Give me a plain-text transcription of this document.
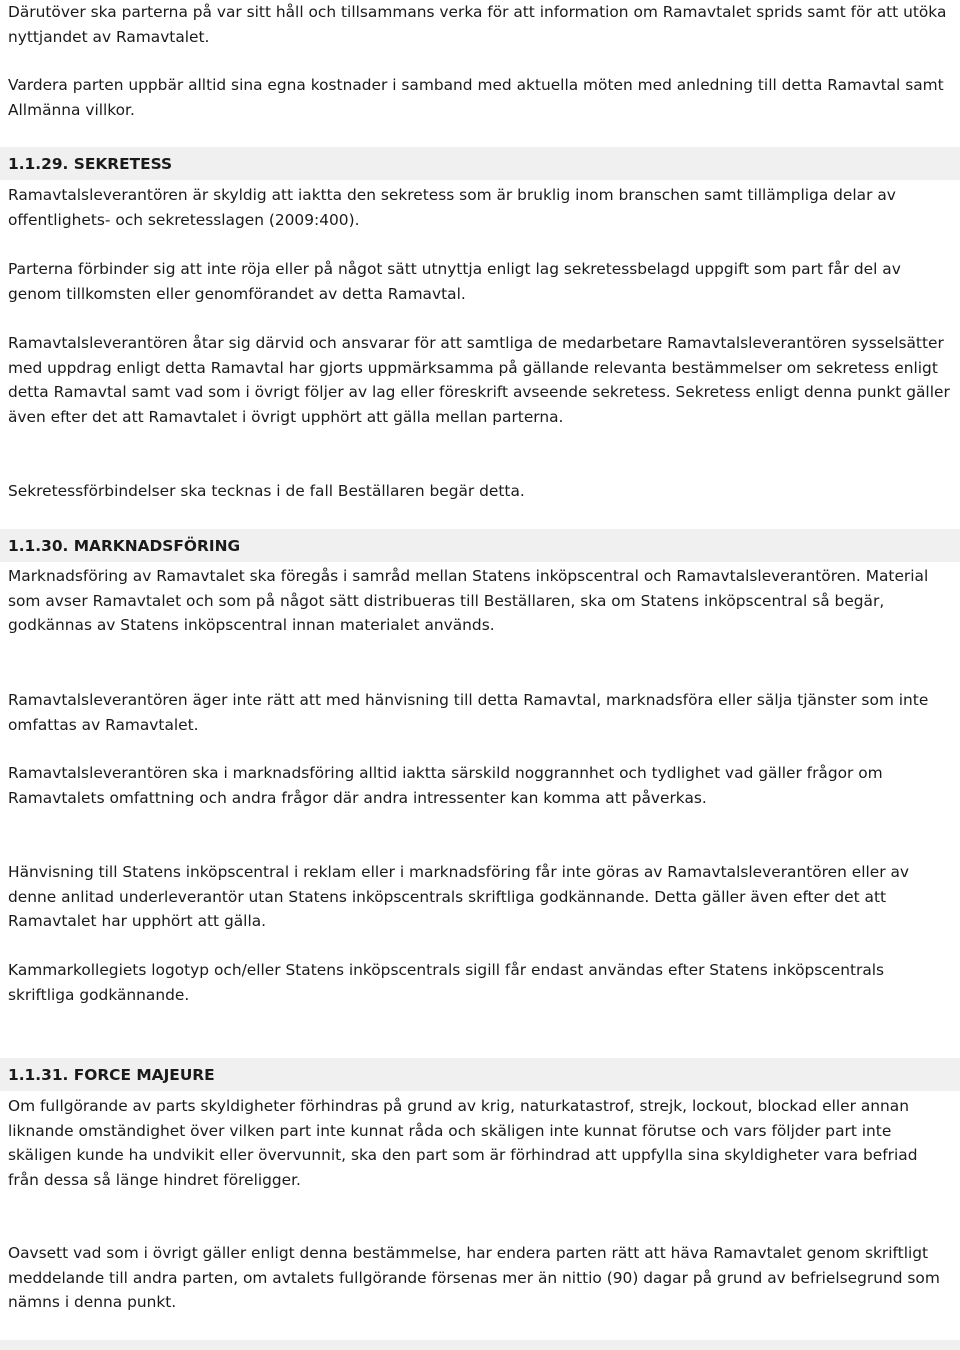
Därutöver ska parterna på var sitt håll och tillsammans verka för att information om Ramavtalet sprids samt för att utöka nyttjandet av Ramavtalet.

Vardera parten uppbär alltid sina egna kostnader i samband med aktuella möten med anledning till detta Ramavtal samt Allmänna villkor.

1.1.29. SEKRETESS

Ramavtalsleverantören är skyldig att iaktta den sekretess som är bruklig inom branschen samt tillämpliga delar av offentlighets- och sekretesslagen (2009:400).

Parterna förbinder sig att inte röja eller på något sätt utnyttja enligt lag sekretessbelagd uppgift som part får del av genom tillkomsten eller genomförandet av detta Ramavtal.

Ramavtalsleverantören åtar sig därvid och ansvarar för att samtliga de medarbetare Ramavtalsleverantören sysselsätter med uppdrag enligt detta Ramavtal har gjorts uppmärksamma på gällande relevanta bestämmelser om sekretess enligt detta Ramavtal samt vad som i övrigt följer av lag eller föreskrift avseende sekretess. Sekretess enligt denna punkt gäller även efter det att Ramavtalet i övrigt upphört att gälla mellan parterna.

Sekretessförbindelser ska tecknas i de fall Beställaren begär detta.

1.1.30. MARKNADSFÖRING

Marknadsföring av Ramavtalet ska föregås i samråd mellan Statens inköpscentral och Ramavtalsleverantören. Material som avser Ramavtalet och som på något sätt distribueras till Beställaren, ska om Statens inköpscentral så begär, godkännas av Statens inköpscentral innan materialet används.

Ramavtalsleverantören äger inte rätt att med hänvisning till detta Ramavtal, marknadsföra eller sälja tjänster som inte omfattas av Ramavtalet.

Ramavtalsleverantören ska i marknadsföring alltid iaktta särskild noggrannhet och tydlighet vad gäller frågor om Ramavtalets omfattning och andra frågor där andra intressenter kan komma att påverkas.

Hänvisning till Statens inköpscentral i reklam eller i marknadsföring får inte göras av Ramavtalsleverantören eller av denne anlitad underleverantör utan Statens inköpscentrals skriftliga godkännande. Detta gäller även efter det att Ramavtalet har upphört att gälla.

Kammarkollegiets logotyp och/eller Statens inköpscentrals sigill får endast användas efter Statens inköpscentrals skriftliga godkännande.

1.1.31. FORCE MAJEURE

Om fullgörande av parts skyldigheter förhindras på grund av krig, naturkatastrof, strejk, lockout, blockad eller annan liknande omständighet över vilken part inte kunnat råda och skäligen inte kunnat förutse och vars följder part inte skäligen kunde ha undvikit eller övervunnit, ska den part som är förhindrad att uppfylla sina skyldigheter vara befriad från dessa så länge hindret föreligger.

Oavsett vad som i övrigt gäller enligt denna bestämmelse, har endera parten rätt att häva Ramavtalet genom skriftligt meddelande till andra parten, om avtalets fullgörande försenas mer än nittio (90) dagar på grund av befrielsegrund som nämns i denna punkt.
